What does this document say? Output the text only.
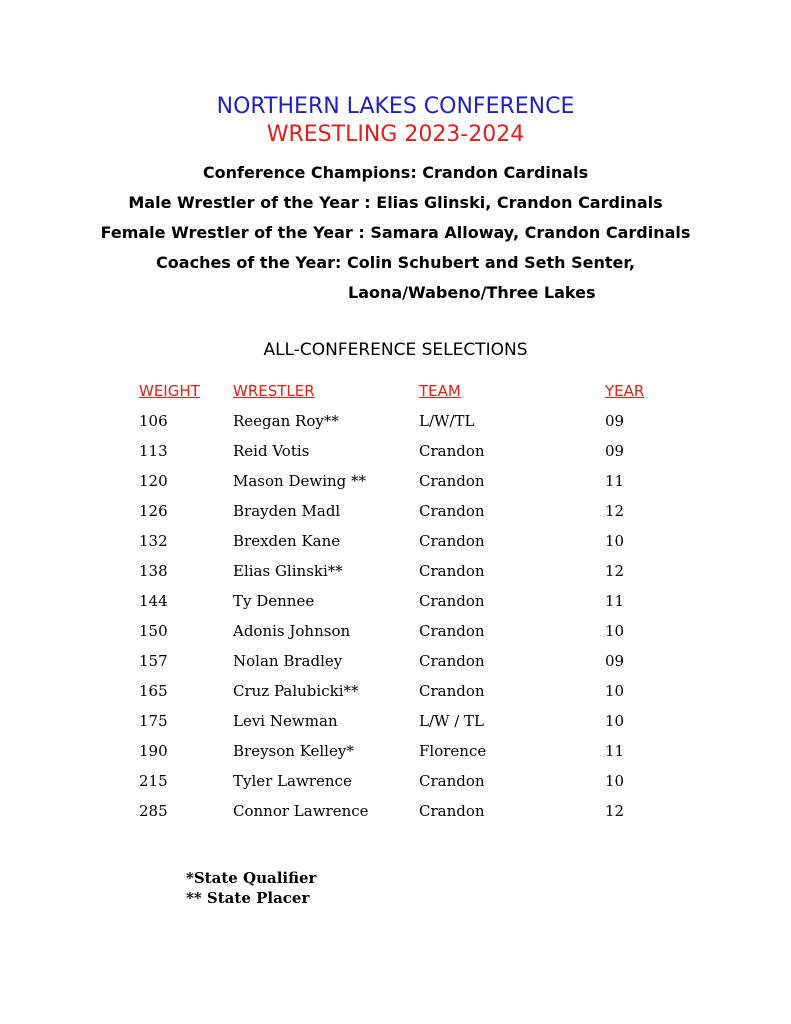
NORTHERN LAKES CONFERENCE
WRESTLING 2023-2024
Conference Champions: Crandon Cardinals
Male Wrestler of the Year : Elias Glinski, Crandon Cardinals
Female Wrestler of the Year : Samara Alloway, Crandon Cardinals
Coaches of the Year: Colin Schubert and Seth Senter,
Laona/Wabeno/Three Lakes
ALL-CONFERENCE SELECTIONS
WEIGHT WRESTLER	TEAM	YEAR
106	Reegan Roy**	L/W/TL	09
113	Reid Votis	Crandon	09
120	Mason Dewing **	Crandon	11
126	Brayden Madl	Crandon	12
132	Brexden Kane	Crandon	10
138	Elias Glinski**	Crandon	12
144	Ty Dennee	Crandon	11
150	Adonis Johnson	Crandon	10
157	Nolan Bradley	Crandon	09
165	Cruz Palubicki**	Crandon	10
175	Levi Newman	L/W / TL	10
190	Breyson Kelley*	Florence	11
215	Tyler Lawrence	Crandon	10
285	Connor Lawrence	Crandon	12
*State Qualifier
** State Placer
